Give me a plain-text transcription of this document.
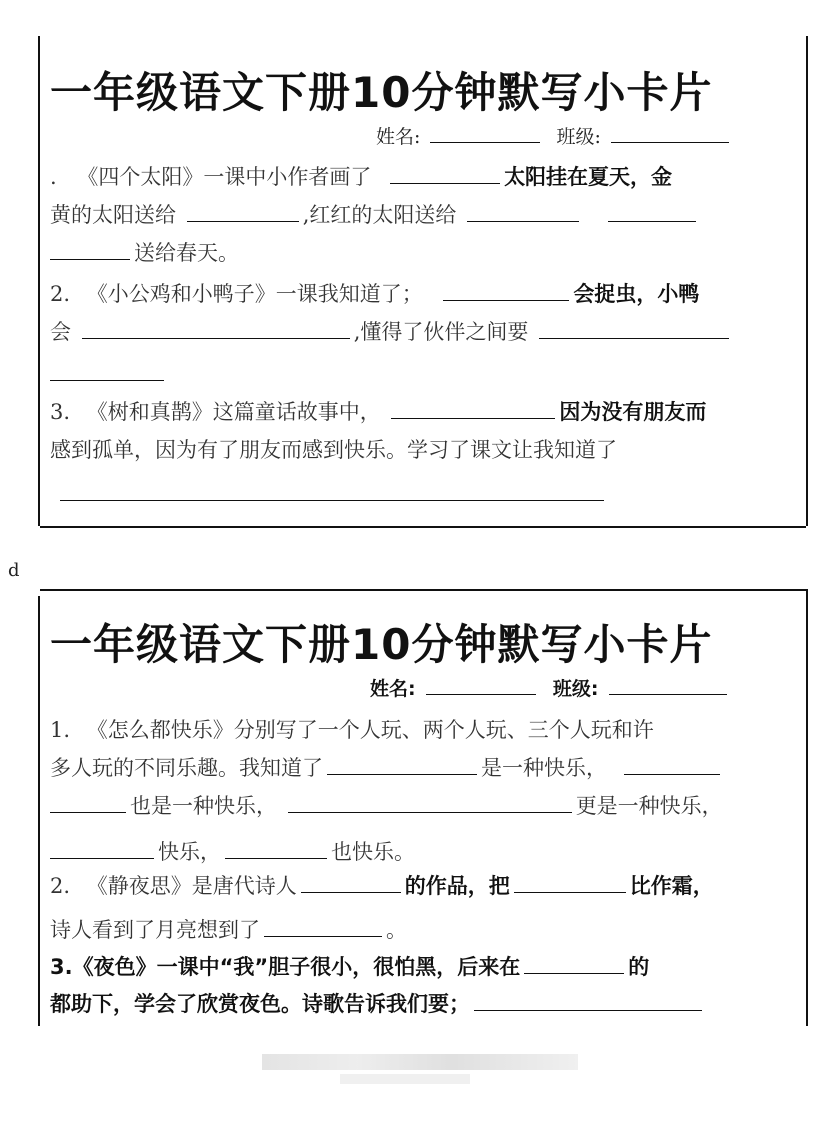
一年级语文下册10分钟默写小卡片
姓名:	班级:
. 《四个太阳》一课中小作者画了	太阳挂在夏天，金
黄的太阳送给	,红红的太阳送给
送给春天。
2. 《小公鸡和小鸭子》一课我知道了；	会捉虫，小鸭
会	,懂得了伙伴之间要
3. 《树和真鹊》这篇童话故事中，	因为没有朋友而
感到孤单，因为有了朋友而感到快乐。学习了课文让我知道了
d
一年级语文下册10分钟默写小卡片
姓名:	班级:
1. 《怎么都快乐》分别写了一个人玩、两个人玩、三个人玩和许
多人玩的不同乐趣。我知道了	是一种快乐，
也是一种快乐，	更是一种快乐，
快乐，	也快乐。
2. 《静夜思》是唐代诗人	的作品，把	比作霜，
诗人看到了月亮想到了	。
3.《夜色》一课中“我”胆子很小，很怕黑，后来在	的
都助下，学会了欣赏夜色。诗歌告诉我们要；
